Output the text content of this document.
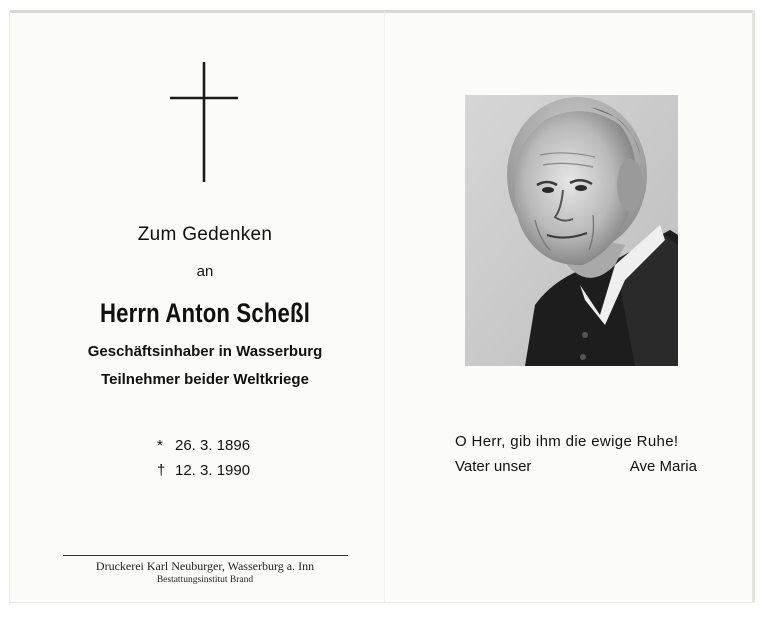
Zum Gedenken

an

Herrn Anton Scheßl

Geschäftsinhaber in Wasserburg

Teilnehmer beider Weltkriege

* 26. 3. 1896
† 12. 3. 1990
Druckerei Karl Neuburger, Wasserburg a. Inn
Bestattungsinstitut Brand
O Herr, gib ihm die ewige Ruhe!
Vater unser	Ave Maria
